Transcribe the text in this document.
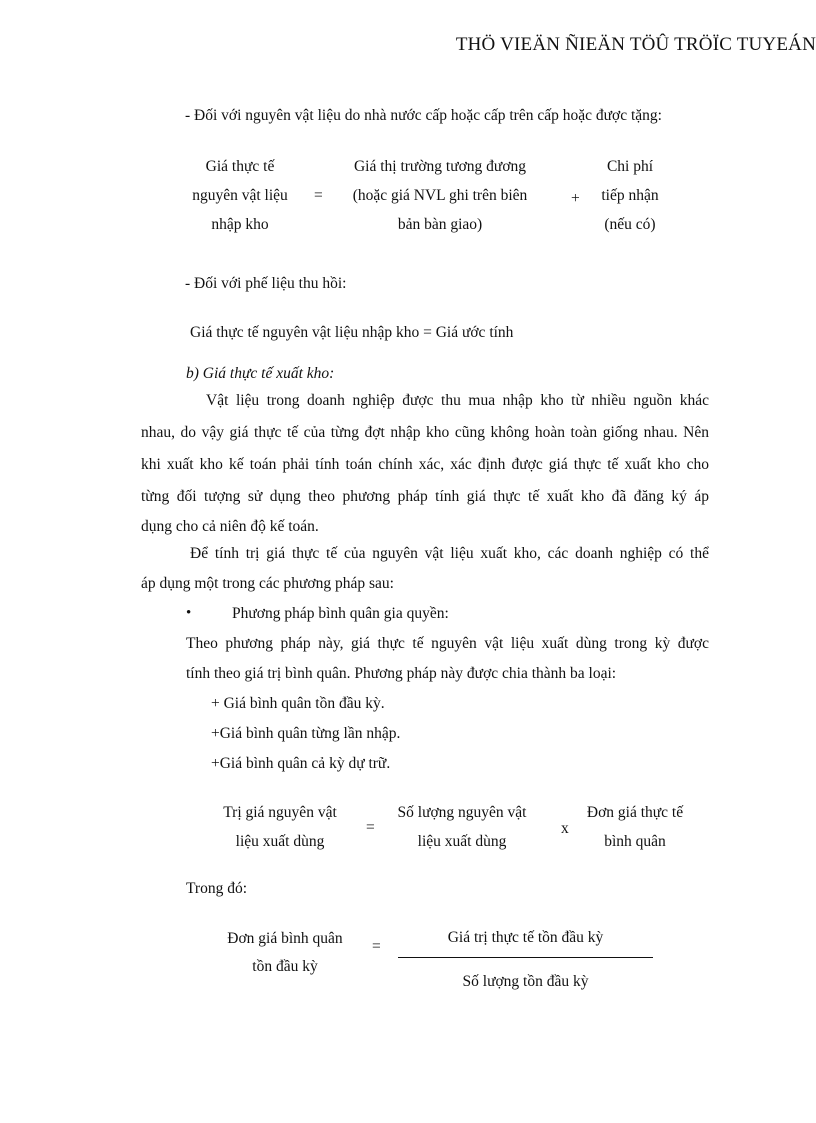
THÖ VIEÄN ÑIEÄN TÖÛ TRÖÏC TUYEÁN
- Đối với nguyên vật liệu do nhà nước cấp hoặc cấp trên cấp hoặc được tặng:
Giá thực tế
nguyên vật liệu
nhập kho
=
Giá thị trường tương đương
(hoặc giá NVL ghi trên biên
bản bàn giao)
+
Chi phí
tiếp nhận
(nếu có)
- Đối với phế liệu thu hồi:
Giá thực tế nguyên vật liệu nhập kho = Giá ước tính
b) Giá thực tế xuất kho:
Vật liệu trong doanh nghiệp được thu mua nhập kho từ nhiều nguồn khác
nhau, do vậy giá thực tế của từng đợt nhập kho cũng không hoàn toàn giống nhau. Nên
khi xuất kho kế toán phải tính toán chính xác, xác định được giá thực tế xuất kho cho
từng đối tượng sử dụng theo phương pháp tính giá thực tế xuất kho đã đăng ký áp
dụng cho cả niên độ kế toán.
Để tính trị giá thực tế của nguyên vật liệu xuất kho, các doanh nghiệp có thể
áp dụng một trong các phương pháp sau:
•	Phương pháp bình quân gia quyền:
Theo phương pháp này, giá thực tế nguyên vật liệu xuất dùng trong kỳ được
tính theo giá trị bình quân. Phương pháp này được chia thành ba loại:
+ Giá bình quân tồn đầu kỳ.
+Giá bình quân từng lần nhập.
+Giá bình quân cả kỳ dự trữ.
Trị giá nguyên vật
liệu xuất dùng
=
Số lượng nguyên vật
liệu xuất dùng
x
Đơn giá thực tế
bình quân
Trong đó:
Đơn giá bình quân
tồn đầu kỳ
=
Giá trị thực tế tồn đầu kỳ
Số lượng tồn đầu kỳ
